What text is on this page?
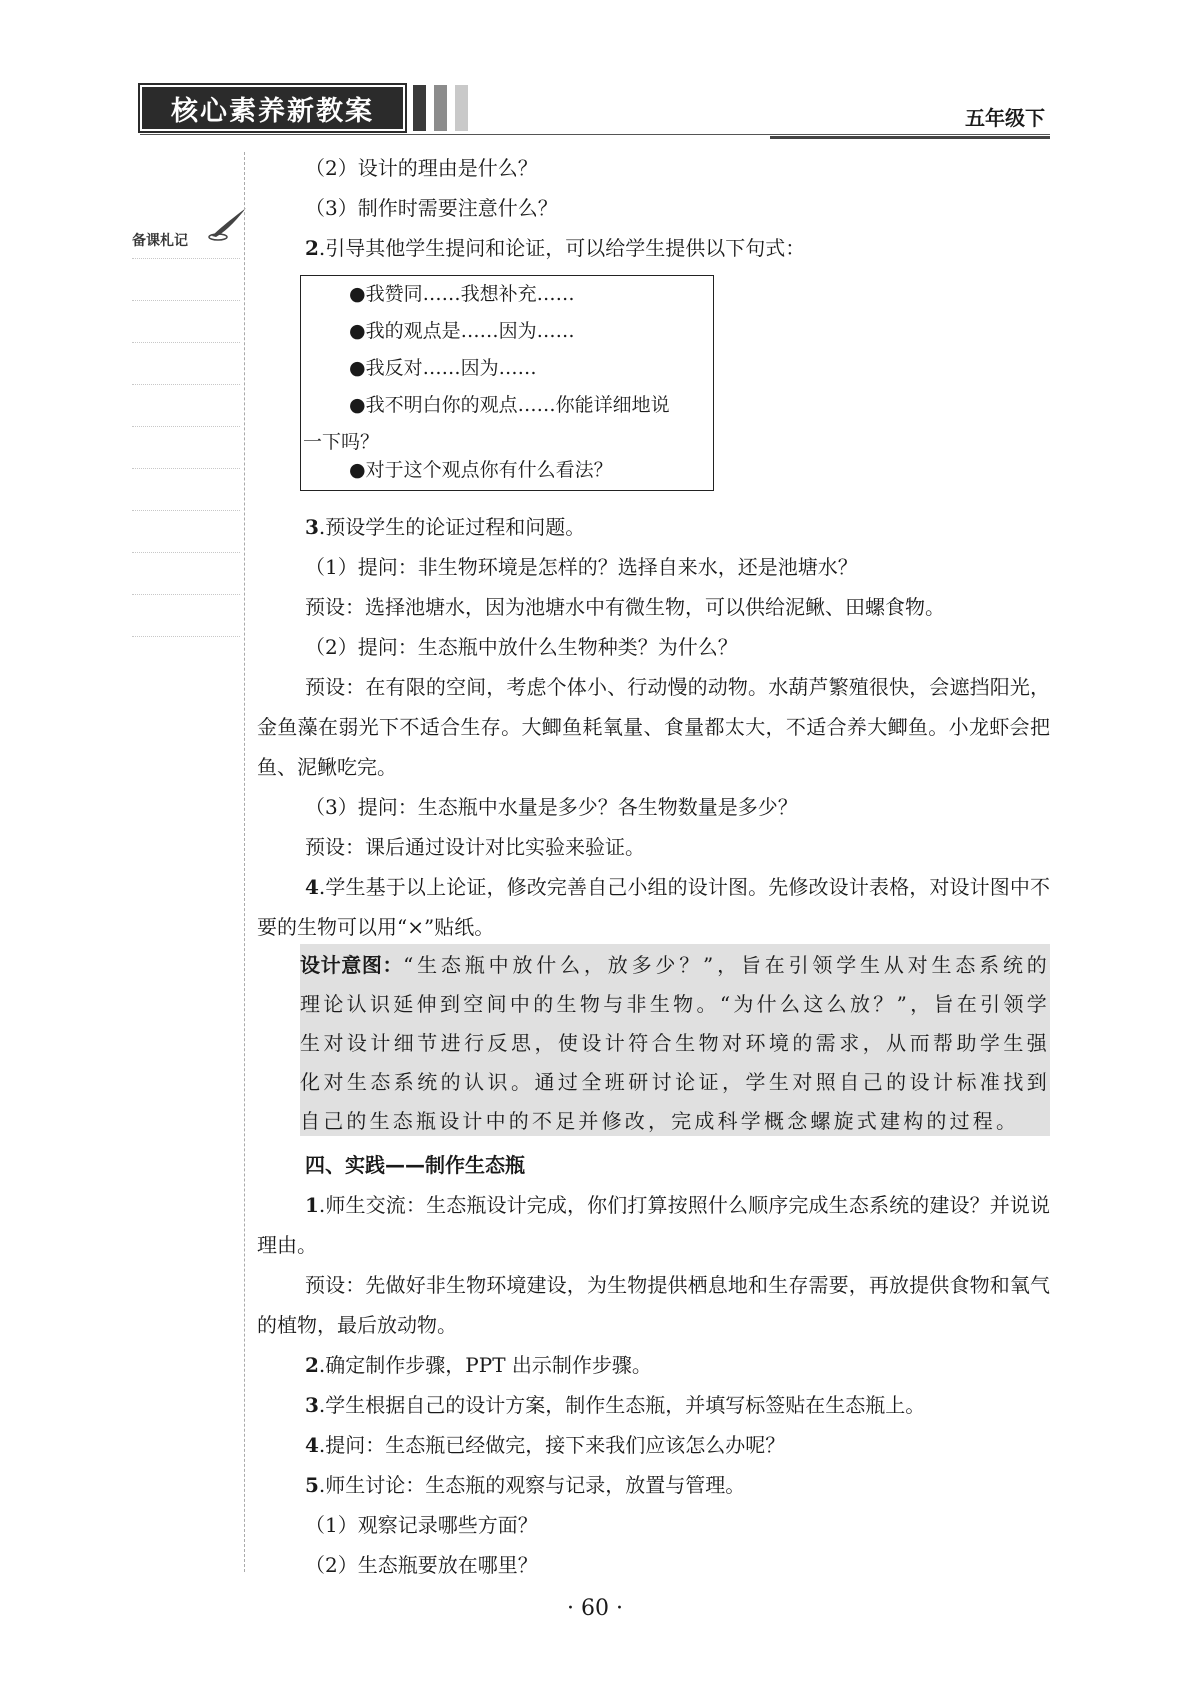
核心素养新教案	五年级下
备课札记

（2）设计的理由是什么？

（3）制作时需要注意什么？

2.引导其他学生提问和论证，可以给学生提供以下句式：

3.预设学生的论证过程和问题。

（1）提问：非生物环境是怎样的？选择自来水，还是池塘水？

预设：选择池塘水，因为池塘水中有微生物，可以供给泥鳅、田螺食物。

（2）提问：生态瓶中放什么生物种类？为什么？

预设：在有限的空间，考虑个体小、行动慢的动物。水葫芦繁殖很快，会遮挡阳光，金鱼藻在弱光下不适合生存。大鲫鱼耗氧量、食量都太大，不适合养大鲫鱼。小龙虾会把鱼、泥鳅吃完。

（3）提问：生态瓶中水量是多少？各生物数量是多少？

预设：课后通过设计对比实验来验证。

4.学生基于以上论证，修改完善自己小组的设计图。先修改设计表格，对设计图中不要的生物可以用“×”贴纸。

四、实践——制作生态瓶

1.师生交流：生态瓶设计完成，你们打算按照什么顺序完成生态系统的建设？并说说理由。

预设：先做好非生物环境建设，为生物提供栖息地和生存需要，再放提供食物和氧气的植物，最后放动物。

2.确定制作步骤，PPT 出示制作步骤。

3.学生根据自己的设计方案，制作生态瓶，并填写标签贴在生态瓶上。

4.提问：生态瓶已经做完，接下来我们应该怎么办呢？

5.师生讨论：生态瓶的观察与记录，放置与管理。

（1）观察记录哪些方面？

（2）生态瓶要放在哪里？

●我赞同……我想补充……
●我的观点是……因为……
●我反对……因为……
●我不明白你的观点……你能详细地说
一下吗？
●对于这个观点你有什么看法？

设计意图：“生态瓶中放什么，放多少？”，旨在引领学生从对生态系统的理论认识延伸到空间中的生物与非生物。“为什么这么放？”，旨在引领学生对设计细节进行反思，使设计符合生物对环境的需求，从而帮助学生强化对生态系统的认识。通过全班研讨论证，学生对照自己的设计标准找到自己的生态瓶设计中的不足并修改，完成科学概念螺旋式建构的过程。

· 60 ·
